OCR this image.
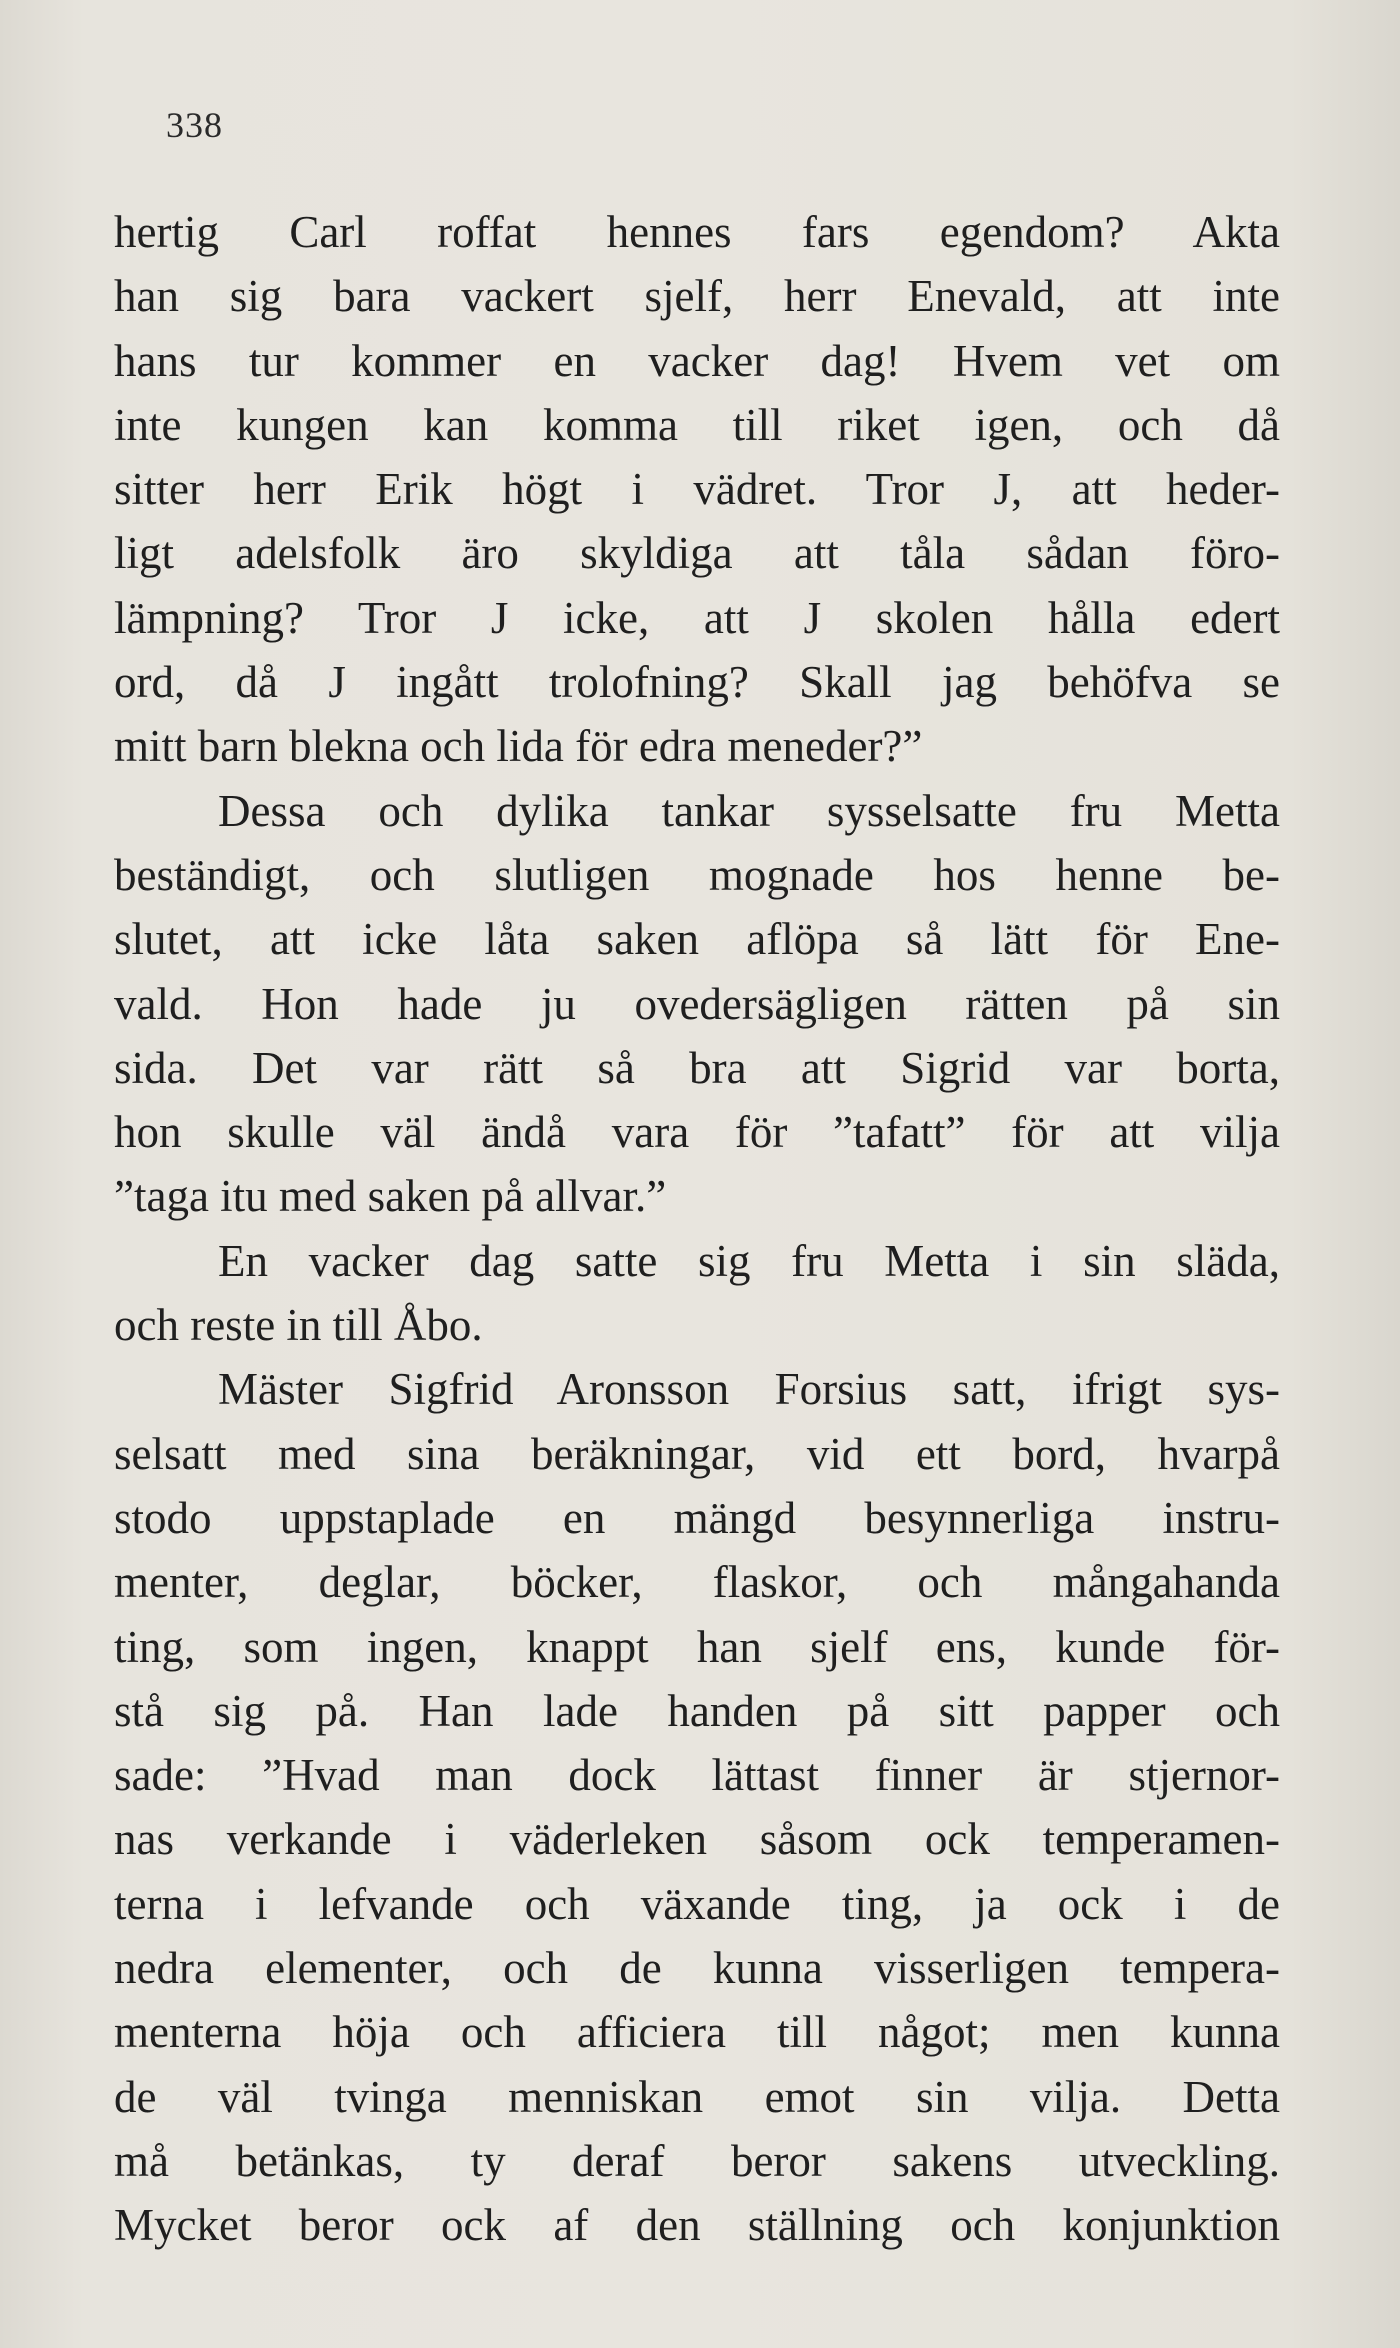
338
hertig Carl roffat hennes fars egendom? Akta
han sig bara vackert sjelf, herr Enevald, att inte
hans tur kommer en vacker dag! Hvem vet om
inte kungen kan komma till riket igen, och då
sitter herr Erik högt i vädret. Tror J, att heder-
ligt adelsfolk äro skyldiga att tåla sådan föro-
lämpning? Tror J icke, att J skolen hålla edert
ord, då J ingått trolofning? Skall jag behöfva se
mitt barn blekna och lida för edra meneder?”
Dessa och dylika tankar sysselsatte fru Metta
beständigt, och slutligen mognade hos henne be-
slutet, att icke låta saken aflöpa så lätt för Ene-
vald. Hon hade ju ovedersägligen rätten på sin
sida. Det var rätt så bra att Sigrid var borta,
hon skulle väl ändå vara för ”tafatt” för att vilja
”taga itu med saken på allvar.”
En vacker dag satte sig fru Metta i sin släda,
och reste in till Åbo.
Mäster Sigfrid Aronsson Forsius satt, ifrigt sys-
selsatt med sina beräkningar, vid ett bord, hvarpå
stodo uppstaplade en mängd besynnerliga instru-
menter, deglar, böcker, flaskor, och mångahanda
ting, som ingen, knappt han sjelf ens, kunde för-
stå sig på. Han lade handen på sitt papper och
sade: ”Hvad man dock lättast finner är stjernor-
nas verkande i väderleken såsom ock temperamen-
terna i lefvande och växande ting, ja ock i de
nedra elementer, och de kunna visserligen tempera-
menterna höja och afficiera till något; men kunna
de väl tvinga menniskan emot sin vilja. Detta
må betänkas, ty deraf beror sakens utveckling.
Mycket beror ock af den ställning och konjunktion
